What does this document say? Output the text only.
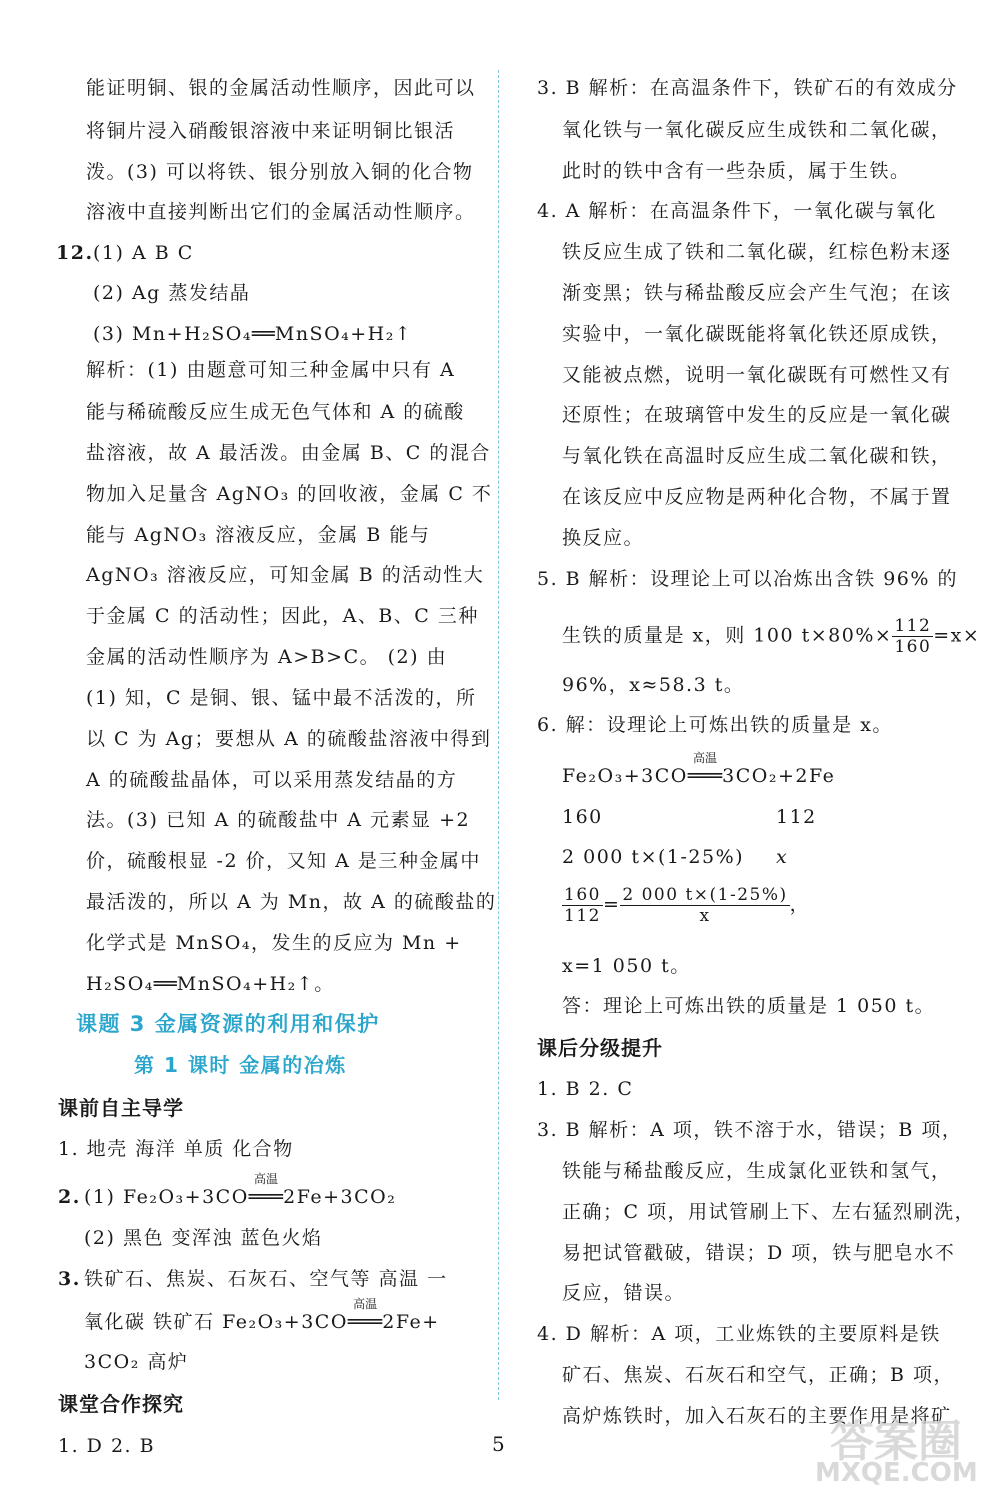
能证明铜、银的金属活动性顺序，因此可以
将铜片浸入硝酸银溶液中来证明铜比银活
泼。(3) 可以将铁、银分别放入铜的化合物
溶液中直接判断出它们的金属活动性顺序。
12. (1) A B C
(2) Ag 蒸发结晶
(3) Mn+H₂SO₄══MnSO₄+H₂↑
解析：(1) 由题意可知三种金属中只有 A
能与稀硫酸反应生成无色气体和 A 的硫酸
盐溶液，故 A 最活泼。由金属 B、C 的混合
物加入足量含 AgNO₃ 的回收液，金属 C 不
能与 AgNO₃ 溶液反应，金属 B 能与
AgNO₃ 溶液反应，可知金属 B 的活动性大
于金属 C 的活动性；因此，A、B、C 三种
金属的活动性顺序为 A>B>C。 (2) 由
(1) 知，C 是铜、银、锰中最不活泼的，所
以 C 为 Ag；要想从 A 的硫酸盐溶液中得到
A 的硫酸盐晶体，可以采用蒸发结晶的方
法。(3) 已知 A 的硫酸盐中 A 元素显 +2
价，硫酸根显 -2 价，又知 A 是三种金属中
最活泼的，所以 A 为 Mn，故 A 的硫酸盐的
化学式是 MnSO₄，发生的反应为 Mn +
H₂SO₄══MnSO₄+H₂↑。
课题 3 金属资源的利用和保护
第 1 课时 金属的冶炼
课前自主导学
1. 地壳 海洋 单质 化合物
2. (1) Fe₂O₃+3CO
高温
═══2Fe+3CO₂
(2) 黑色 变浑浊 蓝色火焰
3. 铁矿石、焦炭、石灰石、空气等 高温 一
氧化碳 铁矿石 Fe₂O₃+3CO
高温
═══2Fe+
3CO₂ 高炉
课堂合作探究
1. D 2. B
3. B 解析：在高温条件下，铁矿石的有效成分
氧化铁与一氧化碳反应生成铁和二氧化碳，
此时的铁中含有一些杂质，属于生铁。
4. A 解析：在高温条件下，一氧化碳与氧化
铁反应生成了铁和二氧化碳，红棕色粉末逐
渐变黑；铁与稀盐酸反应会产生气泡；在该
实验中，一氧化碳既能将氧化铁还原成铁，
又能被点燃，说明一氧化碳既有可燃性又有
还原性；在玻璃管中发生的反应是一氧化碳
与氧化铁在高温时反应生成二氧化碳和铁，
在该反应中反应物是两种化合物，不属于置
换反应。
5. B 解析：设理论上可以冶炼出含铁 96% 的
生铁的质量是 x，则 100 $t\times 80\%\times \frac{112}{160} =x\times$
96%，x≈58.3 t。
6. 解：设理论上可炼出铁的质量是 x。
Fe₂O₃+3CO
高温
═══3CO₂+2Fe
160	112
2 000 t×(1-25%) x
$\frac{160}{112} = \frac{2 000 t\times(1-25\%)}{x}$ ，
x=1 050 t。
答：理论上可炼出铁的质量是 1 050 t。
课后分级提升
1. B 2. C
3. B 解析：A 项，铁不溶于水，错误；B 项，
铁能与稀盐酸反应，生成氯化亚铁和氢气，
正确；C 项，用试管刷上下、左右猛烈刷洗，
易把试管戳破，错误；D 项，铁与肥皂水不
反应，错误。
4. D 解析：A 项，工业炼铁的主要原料是铁
矿石、焦炭、石灰石和空气，正确；B 项，
高炉炼铁时，加入石灰石的主要作用是将矿
5	答案圈
MXQE.COM
